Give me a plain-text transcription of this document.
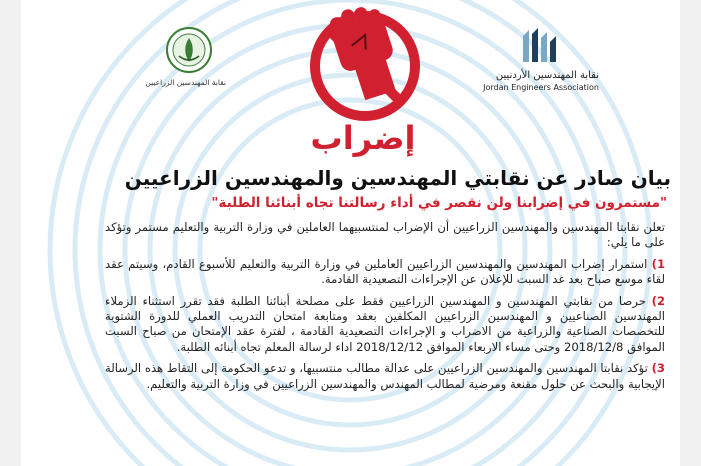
نقابة المهندسين الأردنيين
Jordan Engineers Association
نقابة المهندسين الزراعيين
إضراب
بيان صادر عن نقابتي المهندسين والمهندسين الزراعيين
"مستمرون في إضرابنا ولن نقصر في أداء رسالتنا تجاه أبنائنا الطلبة"

تعلن نقابتا المهندسين والمهندسين الزراعيين أن الإضراب لمنتسبيهما العاملين في وزارة التربية والتعليم مستمر وتؤكد على ما يلي:

1) استمرار إضراب المهندسين والمهندسين الزراعيين العاملين في وزارة التربية والتعليم للأسبوع القادم، وسيتم عقد لقاء موسع صباح بعد غد السبت للإعلان عن الإجراءات التصعيدية القادمة.

2) حرصا من نقابتي المهندسين و المهندسين الزراعيين فقط على مصلحة أبنائنا الطلبة فقد تقرر استثناء الزملاء المهندسين الصناعيين و المهندسين الزراعيين المكلفين بعقد ومتابعة امتحان التدريب العملي للدورة الشتوية للتخصصات الصناعية والزراعية من الاضراب و الإجراءات التصعيدية القادمة ، لفترة عقد الإمتحان من صباح السبت الموافق 2018/12/8 وحتى مساء الاربعاء الموافق 2018/12/12 اداء لرسالة المعلم تجاه أبنائه الطلبة.

3) تؤكد نقابتا المهندسين والمهندسين الزراعيين على عدالة مطالب منتسبيها، و تدعو الحكومة إلى التقاط هذه الرسالة الإيجابية والبحث عن حلول مقنعة ومرضية لمطالب المهندس والمهندسين الزراعيين في وزارة التربية والتعليم.
